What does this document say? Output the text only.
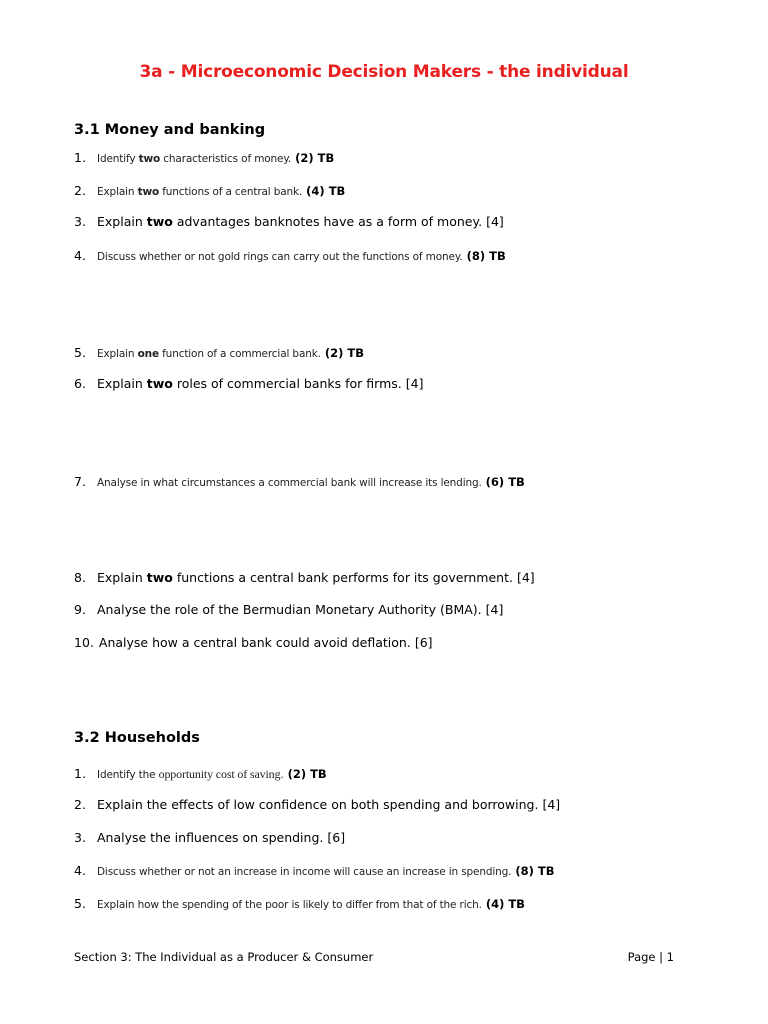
3a - Microeconomic Decision Makers - the individual
3.1 Money and banking
1.	Identify two characteristics of money. (2) TB
2.	Explain two functions of a central bank. (4) TB
3. Explain two advantages banknotes have as a form of money. [4]
4.	Discuss whether or not gold rings can carry out the functions of money. (8) TB
5.	Explain one function of a commercial bank. (2) TB
6. Explain two roles of commercial banks for firms. [4]
7.	Analyse in what circumstances a commercial bank will increase its lending. (6) TB
8. Explain two functions a central bank performs for its government. [4]
9. Analyse the role of the Bermudian Monetary Authority (BMA). [4]
10. Analyse how a central bank could avoid deflation. [6]
3.2 Households
1.	Identify the opportunity cost of saving. (2) TB
2. Explain the effects of low confidence on both spending and borrowing. [4]
3. Analyse the influences on spending. [6]
4.	Discuss whether or not an increase in income will cause an increase in spending. (8) TB
5.	Explain how the spending of the poor is likely to differ from that of the rich. (4) TB
Section 3: The Individual as a Producer & Consumer	Page | 1
